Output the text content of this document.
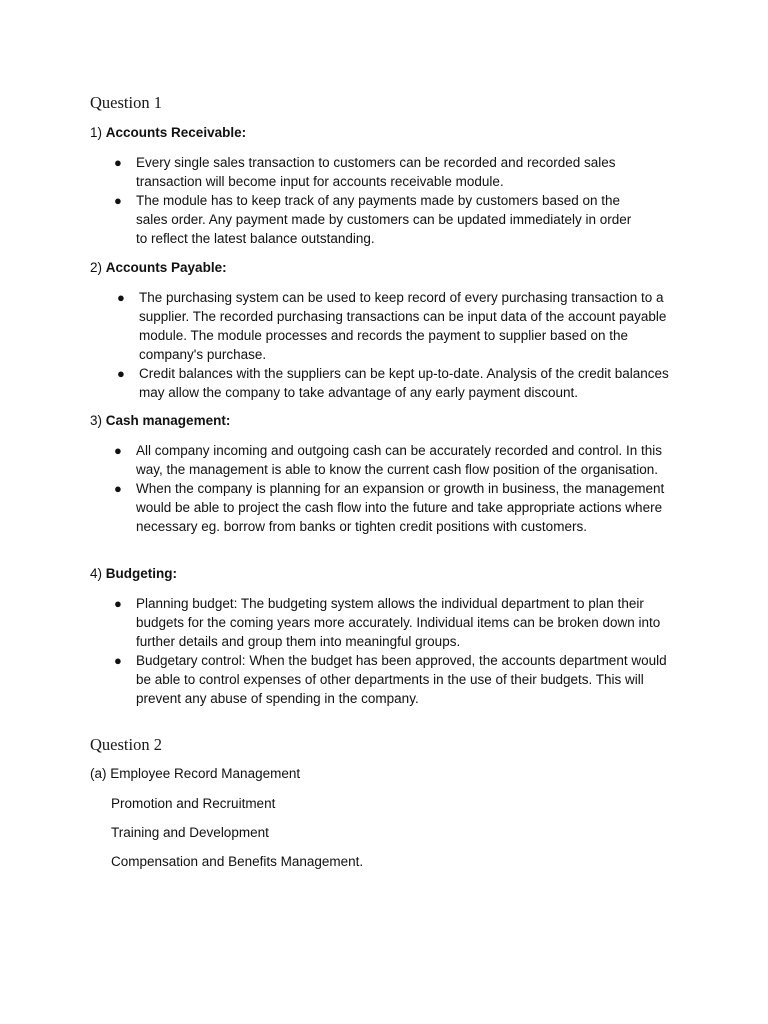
Question 1

1) Accounts Receivable:

● Every single sales transaction to customers can be recorded and recorded sales transaction will become input for accounts receivable module.
● The module has to keep track of any payments made by customers based on the sales order. Any payment made by customers can be updated immediately in order to reflect the latest balance outstanding.

2) Accounts Payable:

● The purchasing system can be used to keep record of every purchasing transaction to a supplier. The recorded purchasing transactions can be input data of the account payable module. The module processes and records the payment to supplier based on the company's purchase.
● Credit balances with the suppliers can be kept up-to-date. Analysis of the credit balances may allow the company to take advantage of any early payment discount.

3) Cash management:

● All company incoming and outgoing cash can be accurately recorded and control. In this way, the management is able to know the current cash flow position of the organisation.
● When the company is planning for an expansion or growth in business, the management would be able to project the cash flow into the future and take appropriate actions where necessary eg. borrow from banks or tighten credit positions with customers.

4) Budgeting:

● Planning budget: The budgeting system allows the individual department to plan their budgets for the coming years more accurately. Individual items can be broken down into further details and group them into meaningful groups.
● Budgetary control: When the budget has been approved, the accounts department would be able to control expenses of other departments in the use of their budgets. This will prevent any abuse of spending in the company.
Question 2

(a) Employee Record Management

Promotion and Recruitment

Training and Development

Compensation and Benefits Management.
